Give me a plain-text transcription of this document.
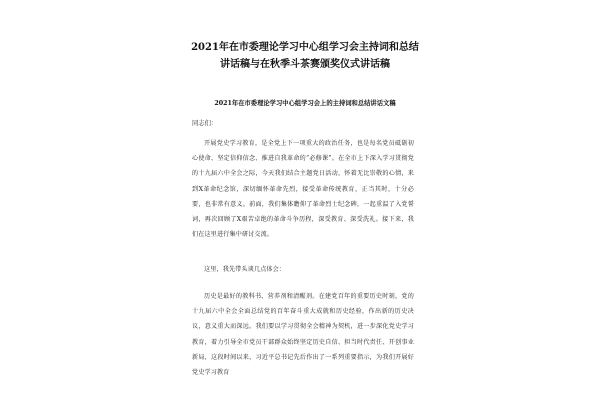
2021年在市委理论学习中心组学习会主持词和总结
讲话稿与在秋季斗茶赛颁奖仪式讲话稿
2021年在市委理论学习中心组学习会上的主持词和总结讲话文稿
同志们：

开展党史学习教育，是全党上下一项重大的政治任务，也是每名党员砥砺初心使命、坚定信仰信念、推进自我革命的“必修课”。在全市上下深入学习贯彻党的十九届六中全会之际，今天我们结合主题党日活动，怀着无比崇敬的心情，来到X革命纪念馆，深切缅怀革命先烈，接受革命传统教育，正当其时，十分必要，也非常有意义。前面，我们集体瞻仰了革命烈士纪念碑，一起重温了入党誓词，再次回顾了X艰苦卓绝的革命斗争历程，深受教育、深受洗礼。接下来，我们在这里进行集中研讨交流。

这里，我先带头谈几点体会：

历史是最好的教科书、营养剂和清醒剂。在建党百年的重要历史时刻，党的十九届六中全会全面总结党的百年奋斗重大成就和历史经验，作出新的历史决议，意义重大而深远。我们要以学习贯彻全会精神为契机，进一步深化党史学习教育，着力引导全市党员干部群众始终坚定历史自信、担当时代责任、开创事业新局，这段时间以来，习近平总书记先后作出了一系列重要指示，为我们开展好党史学习教育
